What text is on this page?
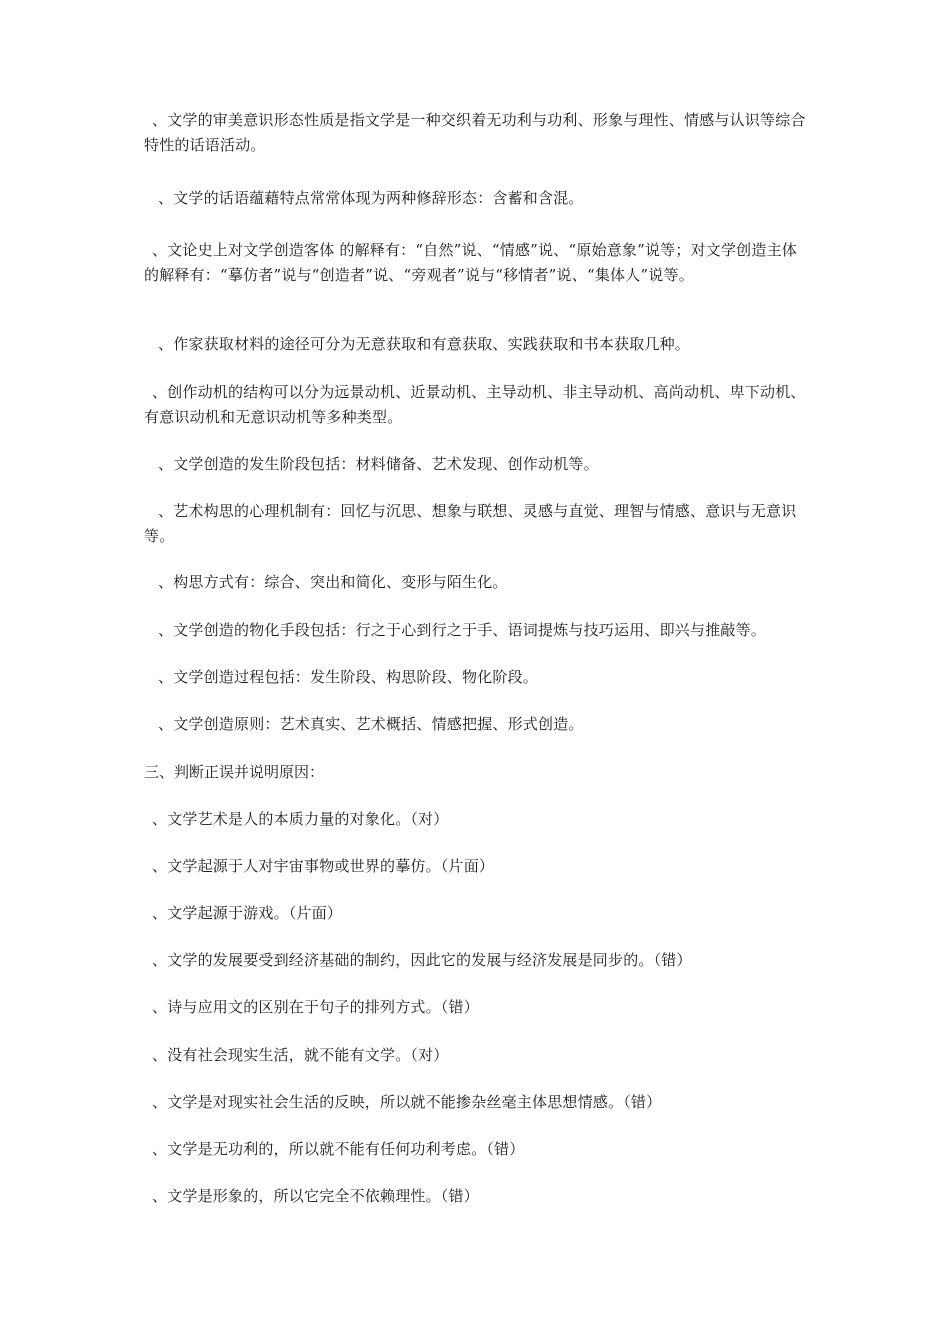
、文学的审美意识形态性质是指文学是一种交织着无功利与功利、形象与理性、情感与认识等综合特性的话语活动。

、文学的话语蕴藉特点常常体现为两种修辞形态：含蓄和含混。

、文论史上对文学创造客体 的解释有：“自然”说、“情感”说、“原始意象”说等；对文学创造主体的解释有：“摹仿者”说与“创造者”说、“旁观者”说与“移情者”说、“集体人”说等。

、作家获取材料的途径可分为无意获取和有意获取、实践获取和书本获取几种。

、创作动机的结构可以分为远景动机、近景动机、主导动机、非主导动机、高尚动机、卑下动机、有意识动机和无意识动机等多种类型。

、文学创造的发生阶段包括：材料储备、艺术发现、创作动机等。

、艺术构思的心理机制有：回忆与沉思、想象与联想、灵感与直觉、理智与情感、意识与无意识等。

、构思方式有：综合、突出和简化、变形与陌生化。

、文学创造的物化手段包括：行之于心到行之于手、语词提炼与技巧运用、即兴与推敲等。

、文学创造过程包括：发生阶段、构思阶段、物化阶段。

、文学创造原则：艺术真实、艺术概括、情感把握、形式创造。

三、判断正误并说明原因：

、文学艺术是人的本质力量的对象化。（对）

、文学起源于人对宇宙事物或世界的摹仿。（片面）

、文学起源于游戏。（片面）

、文学的发展要受到经济基础的制约，因此它的发展与经济发展是同步的。（错）

、诗与应用文的区别在于句子的排列方式。（错）

、没有社会现实生活，就不能有文学。（对）

、文学是对现实社会生活的反映，所以就不能掺杂丝毫主体思想情感。（错）

、文学是无功利的，所以就不能有任何功利考虑。（错）

、文学是形象的，所以它完全不依赖理性。（错）
